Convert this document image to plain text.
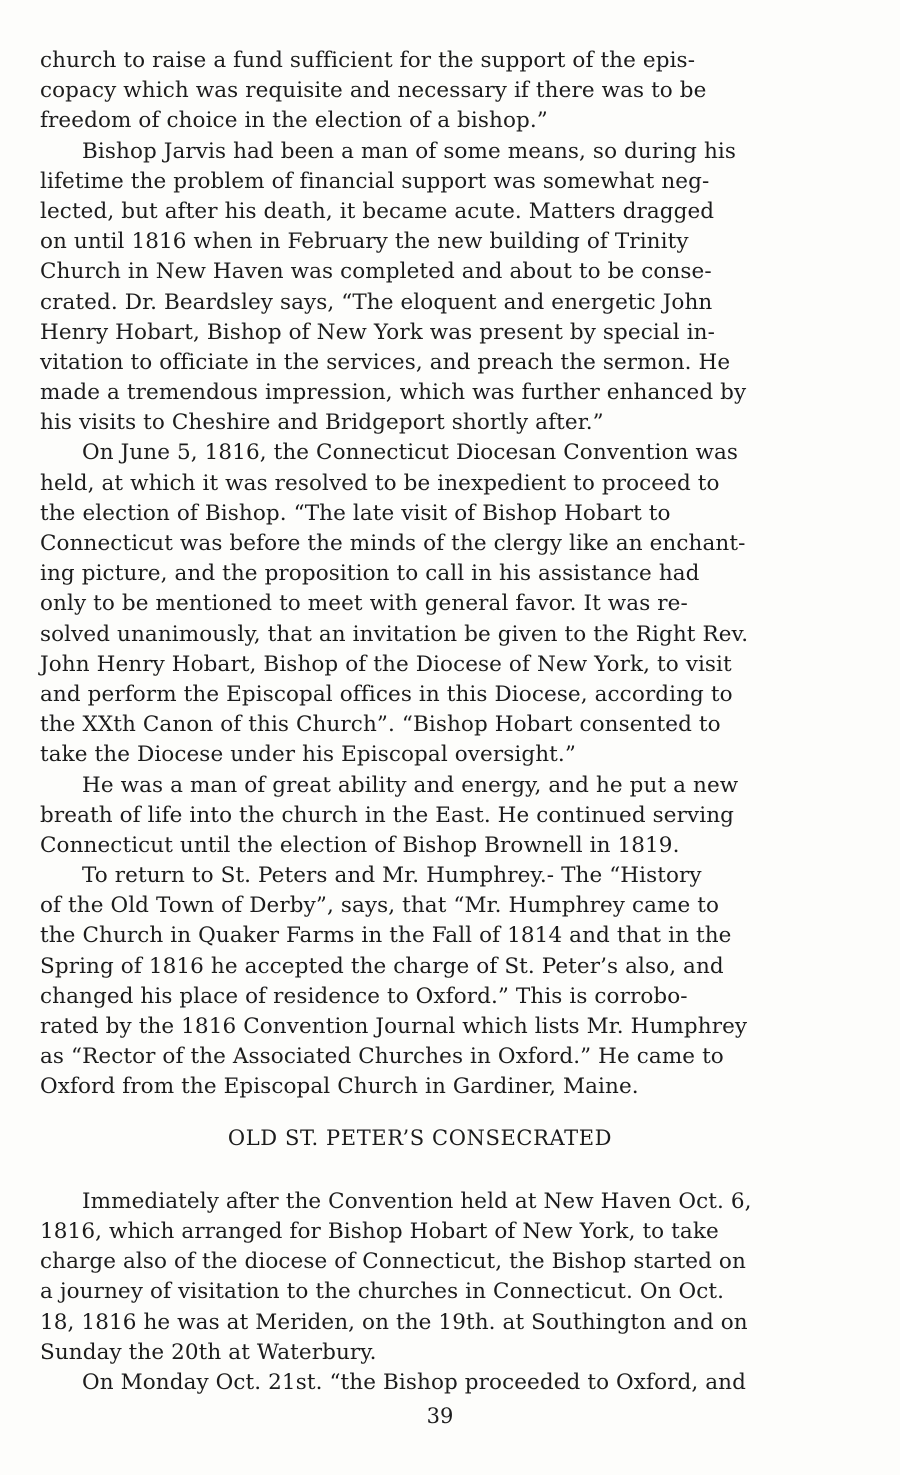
church to raise a fund sufficient for the support of the epis-
copacy which was requisite and necessary if there was to be
freedom of choice in the election of a bishop.”
Bishop Jarvis had been a man of some means, so during his
lifetime the problem of financial support was somewhat neg-
lected, but after his death, it became acute. Matters dragged
on until 1816 when in February the new building of Trinity
Church in New Haven was completed and about to be conse-
crated. Dr. Beardsley says, “The eloquent and energetic John
Henry Hobart, Bishop of New York was present by special in-
vitation to officiate in the services, and preach the sermon. He
made a tremendous impression, which was further enhanced by
his visits to Cheshire and Bridgeport shortly after.”
On June 5, 1816, the Connecticut Diocesan Convention was
held, at which it was resolved to be inexpedient to proceed to
the election of Bishop. “The late visit of Bishop Hobart to
Connecticut was before the minds of the clergy like an enchant-
ing picture, and the proposition to call in his assistance had
only to be mentioned to meet with general favor. It was re-
solved unanimously, that an invitation be given to the Right Rev.
John Henry Hobart, Bishop of the Diocese of New York, to visit
and perform the Episcopal offices in this Diocese, according to
the XXth Canon of this Church”. “Bishop Hobart consented to
take the Diocese under his Episcopal oversight.”
He was a man of great ability and energy, and he put a new
breath of life into the church in the East. He continued serving
Connecticut until the election of Bishop Brownell in 1819.
To return to St. Peters and Mr. Humphrey.- The “History
of the Old Town of Derby”, says, that “Mr. Humphrey came to
the Church in Quaker Farms in the Fall of 1814 and that in the
Spring of 1816 he accepted the charge of St. Peter’s also, and
changed his place of residence to Oxford.” This is corrobo-
rated by the 1816 Convention Journal which lists Mr. Humphrey
as “Rector of the Associated Churches in Oxford.” He came to
Oxford from the Episcopal Church in Gardiner, Maine.
OLD ST. PETER’S CONSECRATED
Immediately after the Convention held at New Haven Oct. 6,
1816, which arranged for Bishop Hobart of New York, to take
charge also of the diocese of Connecticut, the Bishop started on
a journey of visitation to the churches in Connecticut. On Oct.
18, 1816 he was at Meriden, on the 19th. at Southington and on
Sunday the 20th at Waterbury.
On Monday Oct. 21st. “the Bishop proceeded to Oxford, and
39
